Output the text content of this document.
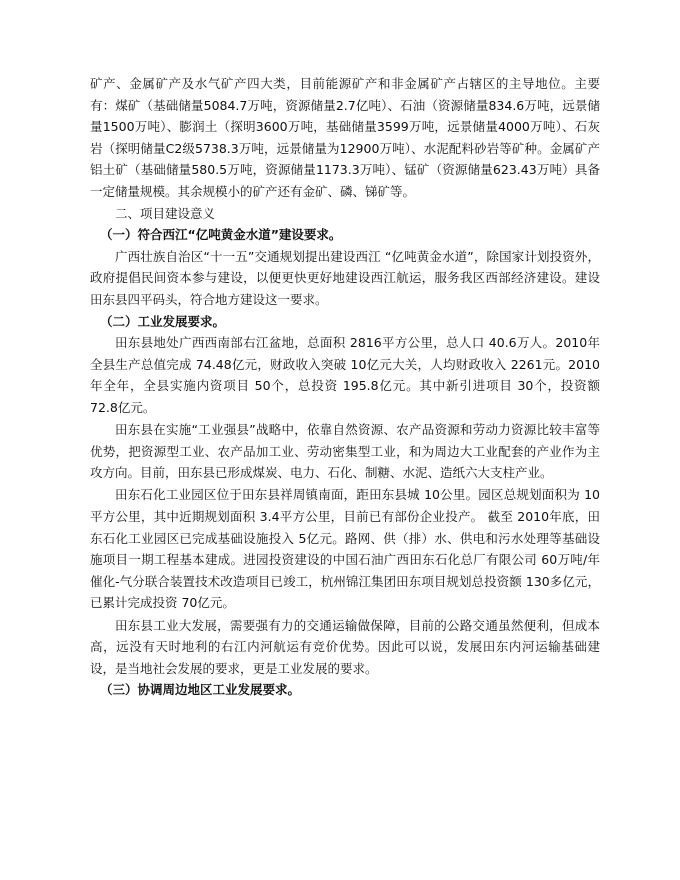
矿产、金属矿产及水气矿产四大类，目前能源矿产和非金属矿产占辖区的主导地位。主要有：煤矿（基础储量5084.7万吨，资源储量2.7亿吨）、石油（资源储量834.6万吨，远景储量1500万吨）、膨润土（探明3600万吨，基础储量3599万吨，远景储量4000万吨）、石灰岩（探明储量C2级5738.3万吨，远景储量为12900万吨）、水泥配料砂岩等矿种。金属矿产铝土矿（基础储量580.5万吨，资源储量1173.3万吨）、锰矿（资源储量623.43万吨）具备一定储量规模。其余规模小的矿产还有金矿、磷、锑矿等。

二、项目建设意义
（一）符合西江“亿吨黄金水道”建设要求。

广西壮族自治区“十一五”交通规划提出建设西江 “亿吨黄金水道”，除国家计划投资外，政府提倡民间资本参与建设，以便更快更好地建设西江航运，服务我区西部经济建设。建设田东县四平码头，符合地方建设这一要求。

（二）工业发展要求。

田东县地处广西西南部右江盆地，总面积 2816平方公里，总人口 40.6万人。2010年全县生产总值完成 74.48亿元，财政收入突破 10亿元大关，人均财政收入 2261元。2010年全年，全县实施内资项目 50个，总投资 195.8亿元。其中新引进项目 30个，投资额 72.8亿元。

田东县在实施“工业强县”战略中，依靠自然资源、农产品资源和劳动力资源比较丰富等优势，把资源型工业、农产品加工业、劳动密集型工业，和为周边大工业配套的产业作为主攻方向。目前，田东县已形成煤炭、电力、石化、制糖、水泥、造纸六大支柱产业。

田东石化工业园区位于田东县祥周镇南面，距田东县城 10公里。园区总规划面积为 10平方公里，其中近期规划面积 3.4平方公里，目前已有部份企业投产。 截至 2010年底，田东石化工业园区已完成基础设施投入 5亿元。路网、供（排）水、供电和污水处理等基础设施项目一期工程基本建成。进园投资建设的中国石油广西田东石化总厂有限公司 60万吨/年催化-气分联合装置技术改造项目已竣工，杭州锦江集团田东项目规划总投资额 130多亿元，已累计完成投资 70亿元。

田东县工业大发展，需要强有力的交通运输做保障，目前的公路交通虽然便利，但成本高，远没有天时地利的右江内河航运有竞价优势。因此可以说，发展田东内河运输基础建设，是当地社会发展的要求，更是工业发展的要求。

（三）协调周边地区工业发展要求。
